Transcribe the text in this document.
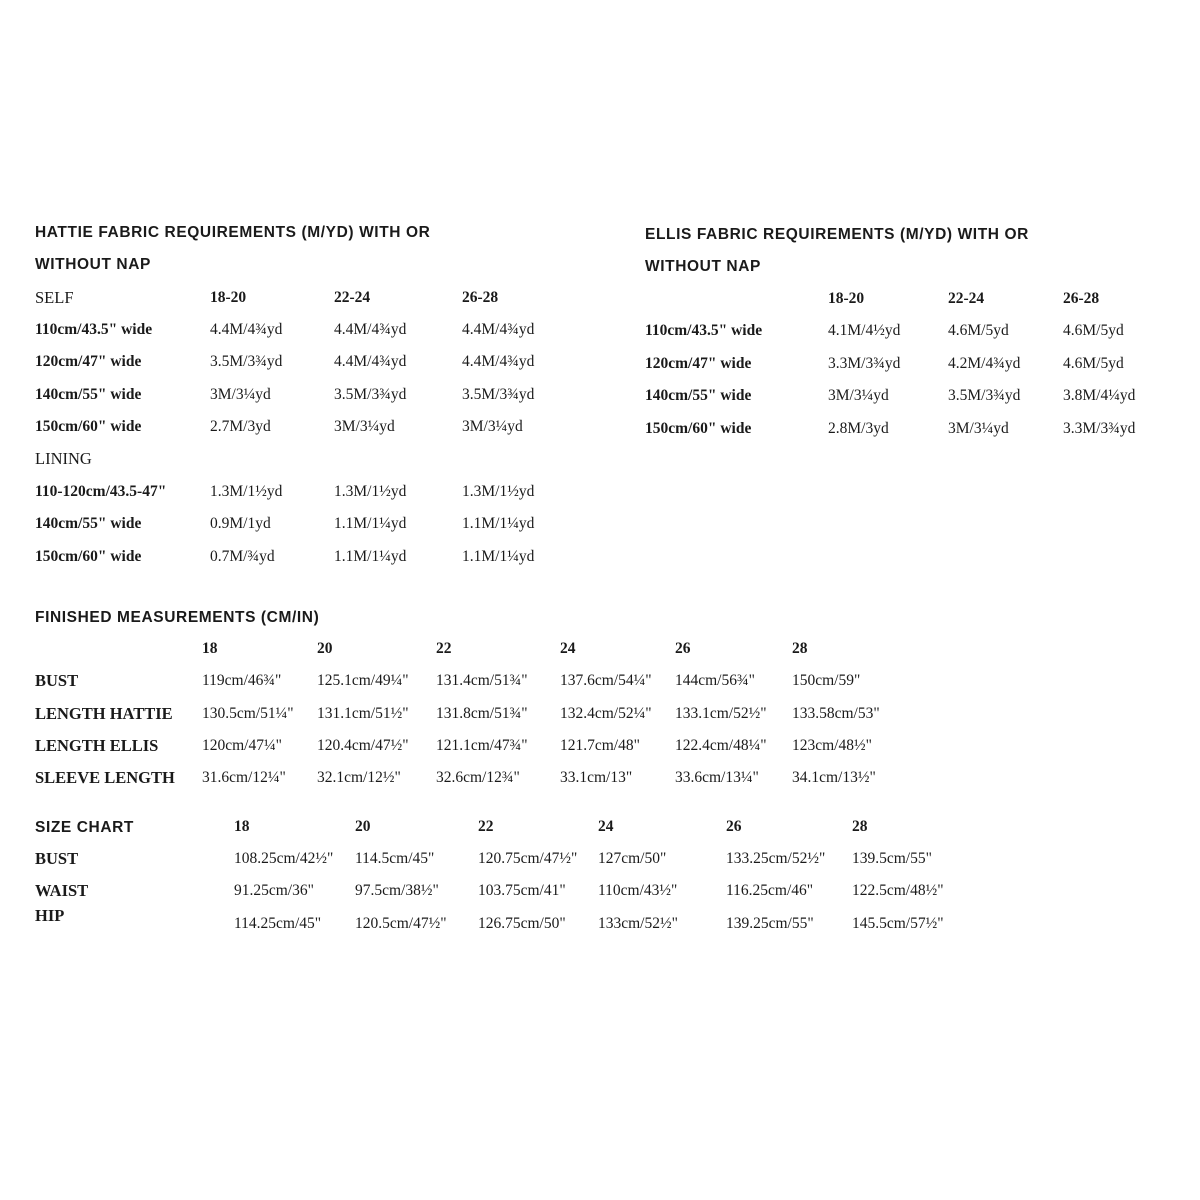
HATTIE FABRIC REQUIREMENTS (M/YD) WITH OR
WITHOUT NAP
SELF	18-20	22-24	26-28
110cm/43.5" wide	4.4M/4¾yd	4.4M/4¾yd	4.4M/4¾yd
120cm/47" wide	3.5M/3¾yd	4.4M/4¾yd	4.4M/4¾yd
140cm/55" wide	3M/3¼yd	3.5M/3¾yd	3.5M/3¾yd
150cm/60" wide	2.7M/3yd	3M/3¼yd	3M/3¼yd
LINING
110-120cm/43.5-47"	1.3M/1½yd	1.3M/1½yd	1.3M/1½yd
140cm/55" wide	0.9M/1yd	1.1M/1¼yd	1.1M/1¼yd
150cm/60" wide	0.7M/¾yd	1.1M/1¼yd	1.1M/1¼yd
ELLIS FABRIC REQUIREMENTS (M/YD) WITH OR
WITHOUT NAP
18-20	22-24	26-28
110cm/43.5" wide	4.1M/4½yd	4.6M/5yd	4.6M/5yd
120cm/47" wide	3.3M/3¾yd	4.2M/4¾yd	4.6M/5yd
140cm/55" wide	3M/3¼yd	3.5M/3¾yd	3.8M/4¼yd
150cm/60" wide	2.8M/3yd	3M/3¼yd	3.3M/3¾yd
FINISHED MEASUREMENTS (CM/IN)
18	20	22	24	26	28
BUST	119cm/46¾" 125.1cm/49¼" 131.4cm/51¾" 137.6cm/54¼" 144cm/56¾" 150cm/59"
LENGTH HATTIE 130.5cm/51¼" 131.1cm/51½" 131.8cm/51¾" 132.4cm/52¼" 133.1cm/52½" 133.58cm/53"
LENGTH ELLIS	120cm/47¼" 120.4cm/47½" 121.1cm/47¾" 121.7cm/48" 122.4cm/48¼" 123cm/48½"
SLEEVE LENGTH 31.6cm/12¼" 32.1cm/12½" 32.6cm/12¾"	33.1cm/13"	33.6cm/13¼" 34.1cm/13½"
SIZE CHART	18	20	22	24	26	28
BUST	108.25cm/42½" 114.5cm/45"	120.75cm/47½" 127cm/50"	133.25cm/52½" 139.5cm/55"
WAIST	91.25cm/36"	97.5cm/38½"	103.75cm/41" 110cm/43½"	116.25cm/46"	122.5cm/48½"
HIP	114.25cm/45" 120.5cm/47½" 126.75cm/50" 133cm/52½"	139.25cm/55" 145.5cm/57½"
